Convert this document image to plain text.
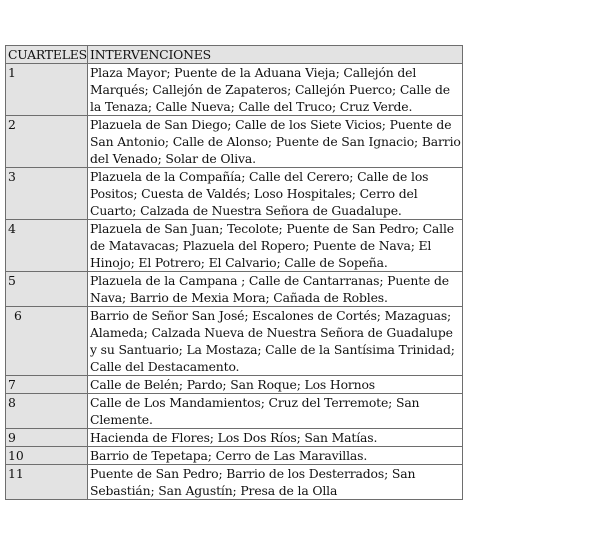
CUARTELES	INTERVENCIONES
1	Plaza Mayor; Puente de la Aduana Vieja; Callejón del Marqués; Callejón de Zapateros; Callejón Puerco; Calle de la Tenaza; Calle Nueva; Calle del Truco; Cruz Verde.
2	Plazuela de San Diego; Calle de los Siete Vicios; Puente de San Antonio; Calle de Alonso; Puente de San Ignacio; Barrio del Venado; Solar de Oliva.
3	Plazuela de la Compañía; Calle del Cerero; Calle de los Positos; Cuesta de Valdés; Loso Hospitales; Cerro del Cuarto; Calzada de Nuestra Señora de Guadalupe.
4	Plazuela de San Juan; Tecolote; Puente de San Pedro; Calle de Matavacas; Plazuela del Ropero; Puente de Nava; El Hinojo; El Potrero; El Calvario; Calle de Sopeña.
5	Plazuela de la Campana ; Calle de Cantarranas; Puente de Nava; Barrio de Mexia Mora; Cañada de Robles.
6	Barrio de Señor San José; Escalones de Cortés; Mazaguas; Alameda; Calzada Nueva de Nuestra Señora de Guadalupe y su Santuario; La Mostaza; Calle de la Santísima Trinidad; Calle del Destacamento.
7	Calle de Belén; Pardo; San Roque; Los Hornos
8	Calle de Los Mandamientos; Cruz del Terremote; San Clemente.
9	Hacienda de Flores; Los Dos Ríos; San Matías.
10	Barrio de Tepetapa; Cerro de Las Maravillas.
11	Puente de San Pedro; Barrio de los Desterrados; San Sebastián; San Agustín; Presa de la Olla
